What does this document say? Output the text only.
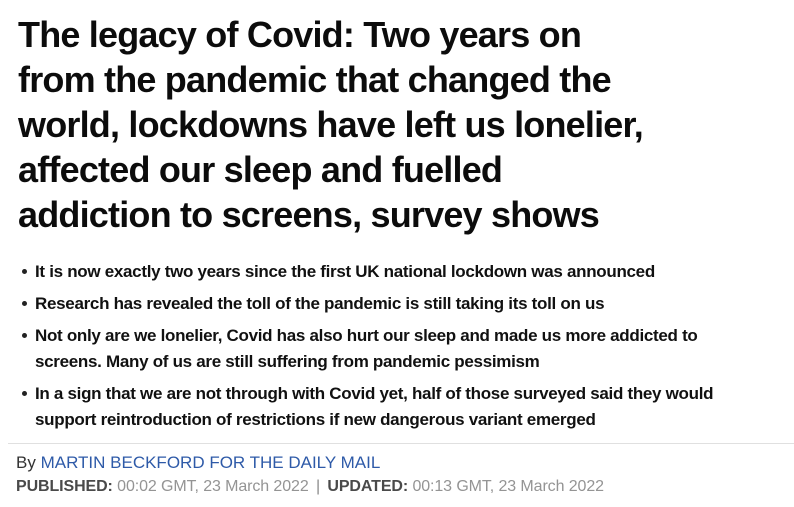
The legacy of Covid: Two years on
from the pandemic that changed the
world, lockdowns have left us lonelier,
affected our sleep and fuelled
addiction to screens, survey shows
It is now exactly two years since the first UK national lockdown was announced
Research has revealed the toll of the pandemic is still taking its toll on us
Not only are we lonelier, Covid has also hurt our sleep and made us more addicted to screens. Many of us are still suffering from pandemic pessimism
In a sign that we are not through with Covid yet, half of those surveyed said they would support reintroduction of restrictions if new dangerous variant emerged

By MARTIN BECKFORD FOR THE DAILY MAIL

PUBLISHED: 00:02 GMT, 23 March 2022 | UPDATED: 00:13 GMT, 23 March 2022
